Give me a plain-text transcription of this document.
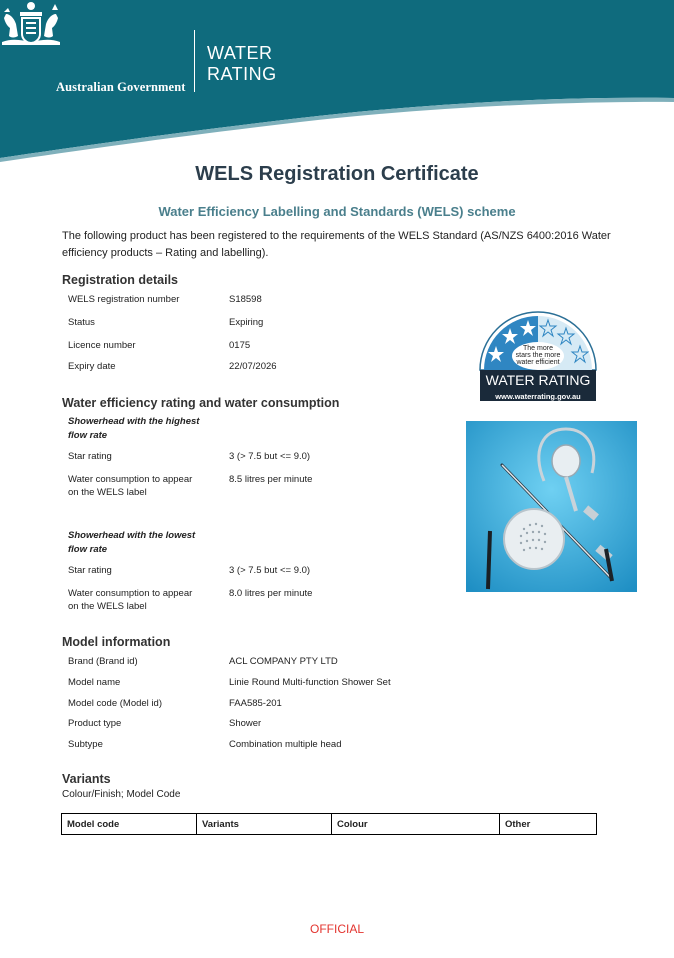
Australian Government
WATER
RATING
WELS Registration Certificate
Water Efficiency Labelling and Standards (WELS) scheme
The following product has been registered to the requirements of the WELS Standard (AS/NZS 6400:2016 Water efficiency products – Rating and labelling).
Registration details
WELS registration number	S18598
Status	Expiring
Licence number	0175
Expiry date	22/07/2026
The more
stars the more
water efficient
WATER RATING
www.waterrating.gov.au
Water efficiency rating and water consumption
Showerhead with the highest
flow rate
Star rating	3 (> 7.5 but <= 9.0)
Water consumption to appear
on the WELS label
8.5 litres per minute
Showerhead with the lowest
flow rate
Star rating	3 (> 7.5 but <= 9.0)
Water consumption to appear
on the WELS label
8.0 litres per minute
Model information
Brand (Brand id)	ACL COMPANY PTY LTD
Model name	Linie Round Multi-function Shower Set
Model code (Model id)	FAA585-201
Product type	Shower
Subtype	Combination multiple head
Variants
Colour/Finish; Model Code
Model code	Variants	Colour	Other
OFFICIAL
